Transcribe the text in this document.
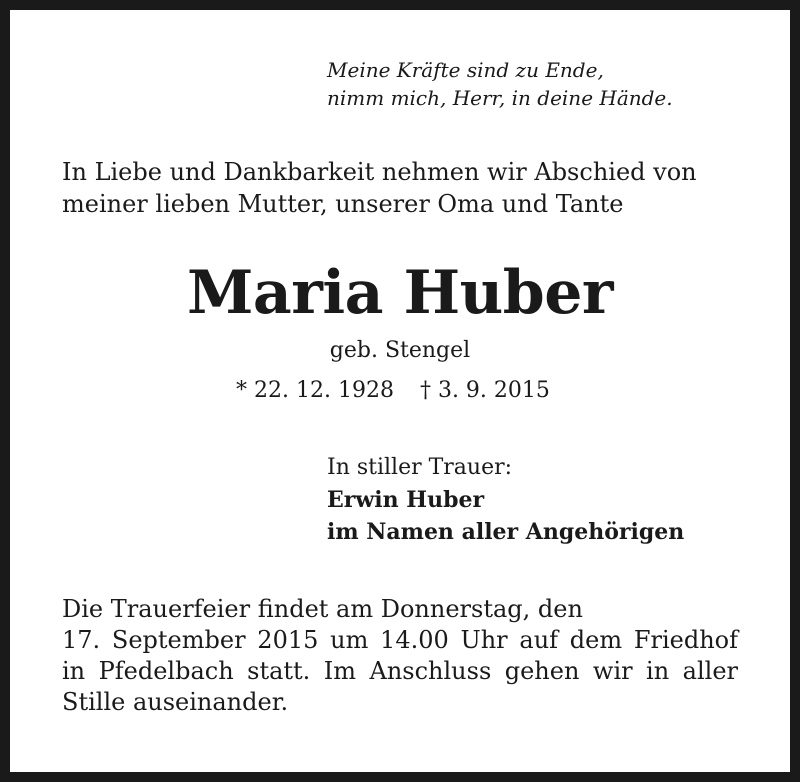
Meine Kräfte sind zu Ende,
nimm mich, Herr, in deine Hände.
In Liebe und Dankbarkeit nehmen wir Abschied von
meiner lieben Mutter, unserer Oma und Tante
Maria Huber
geb. Stengel
* 22. 12. 1928 † 3. 9. 2015
In stiller Trauer:
Erwin Huber
im Namen aller Angehörigen
Die Trauerfeier findet am Donnerstag, den
17. September 2015 um 14.00 Uhr auf dem Friedhof
in Pfedelbach statt. Im Anschluss gehen wir in aller
Stille auseinander.
